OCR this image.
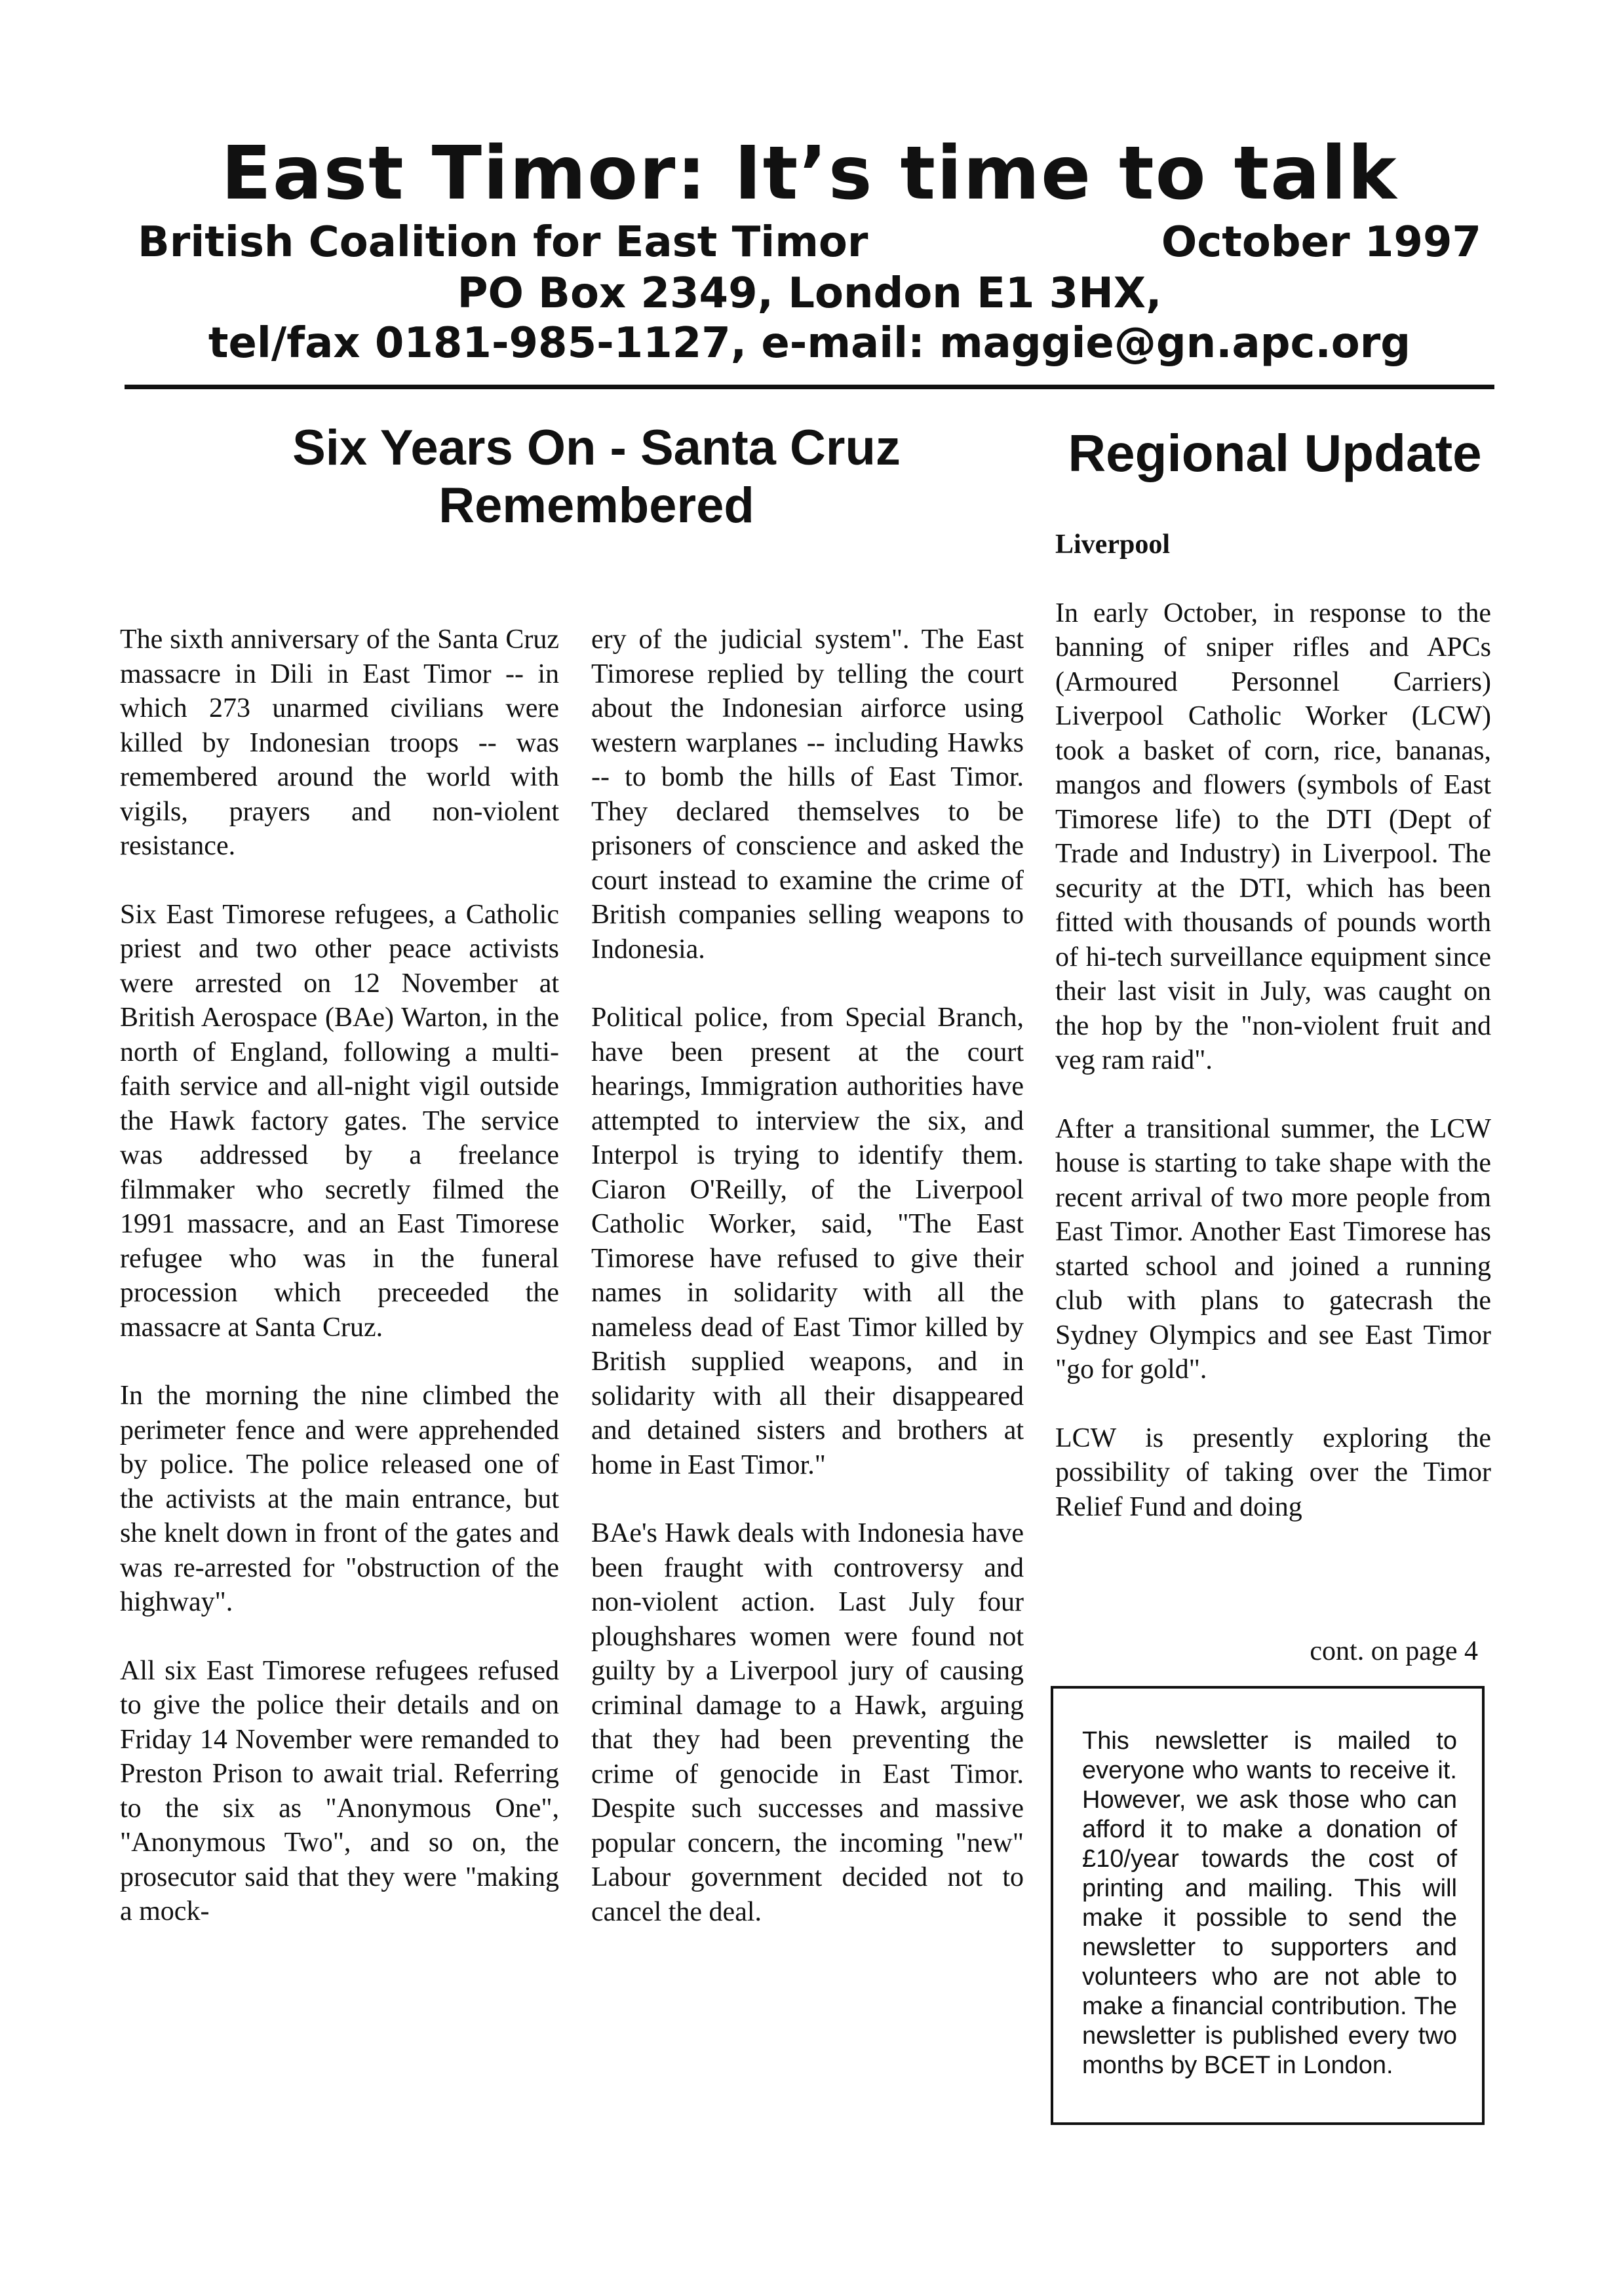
East Timor: It’s time to talk
British Coalition for East Timor	October 1997
PO Box 2349, London E1 3HX,
tel/fax 0181-985-1127, e-mail: maggie@gn.apc.org
Six Years On - Santa Cruz Remembered
Regional Update

The sixth anniversary of the Santa Cruz massacre in Dili in East Timor -- in which 273 unarmed civilians were killed by Indonesian troops -- was remembered around the world with vigils, prayers and non-violent resistance.

Six East Timorese refugees, a Catholic priest and two other peace activists were arrested on 12 November at British Aerospace (BAe) Warton, in the north of England, following a multi-faith service and all-night vigil outside the Hawk factory gates. The service was addressed by a freelance filmmaker who secretly filmed the 1991 massacre, and an East Timorese refugee who was in the funeral procession which preceeded the massacre at Santa Cruz.

In the morning the nine climbed the perimeter fence and were apprehended by police. The police released one of the activists at the main entrance, but she knelt down in front of the gates and was re-arrested for "obstruction of the highway".

All six East Timorese refugees refused to give the police their details and on Friday 14 November were remanded to Preston Prison to await trial. Referring to the six as "Anonymous One", "Anonymous Two", and so on, the prosecutor said that they were "making a mock-

ery of the judicial system". The East Timorese replied by telling the court about the Indonesian airforce using western warplanes -- including Hawks -- to bomb the hills of East Timor. They declared themselves to be prisoners of conscience and asked the court instead to examine the crime of British companies selling weapons to Indonesia.

Political police, from Special Branch, have been present at the court hearings, Immigration authorities have attempted to interview the six, and Interpol is trying to identify them. Ciaron O'Reilly, of the Liverpool Catholic Worker, said, "The East Timorese have refused to give their names in solidarity with all the nameless dead of East Timor killed by British supplied weapons, and in solidarity with all their disappeared and detained sisters and brothers at home in East Timor."

BAe's Hawk deals with Indonesia have been fraught with controversy and non-violent action. Last July four ploughshares women were found not guilty by a Liverpool jury of causing criminal damage to a Hawk, arguing that they had been preventing the crime of genocide in East Timor. Despite such successes and massive popular concern, the incoming "new" Labour government decided not to cancel the deal.

Liverpool

In early October, in response to the banning of sniper rifles and APCs (Armoured Personnel Carriers) Liverpool Catholic Worker (LCW) took a basket of corn, rice, bananas, mangos and flowers (symbols of East Timorese life) to the DTI (Dept of Trade and Industry) in Liverpool. The security at the DTI, which has been fitted with thousands of pounds worth of hi-tech surveillance equipment since their last visit in July, was caught on the hop by the "non-violent fruit and veg ram raid".

After a transitional summer, the LCW house is starting to take shape with the recent arrival of two more people from East Timor. Another East Timorese has started school and joined a running club with plans to gatecrash the Sydney Olympics and see East Timor "go for gold".

LCW is presently exploring the possibility of taking over the Timor Relief Fund and doing

cont. on page 4
This newsletter is mailed to everyone who wants to receive it. However, we ask those who can afford it to make a donation of £10/year towards the cost of printing and mailing. This will make it possible to send the newsletter to supporters and volunteers who are not able to make a financial contribution. The newsletter is published every two months by BCET in London.
